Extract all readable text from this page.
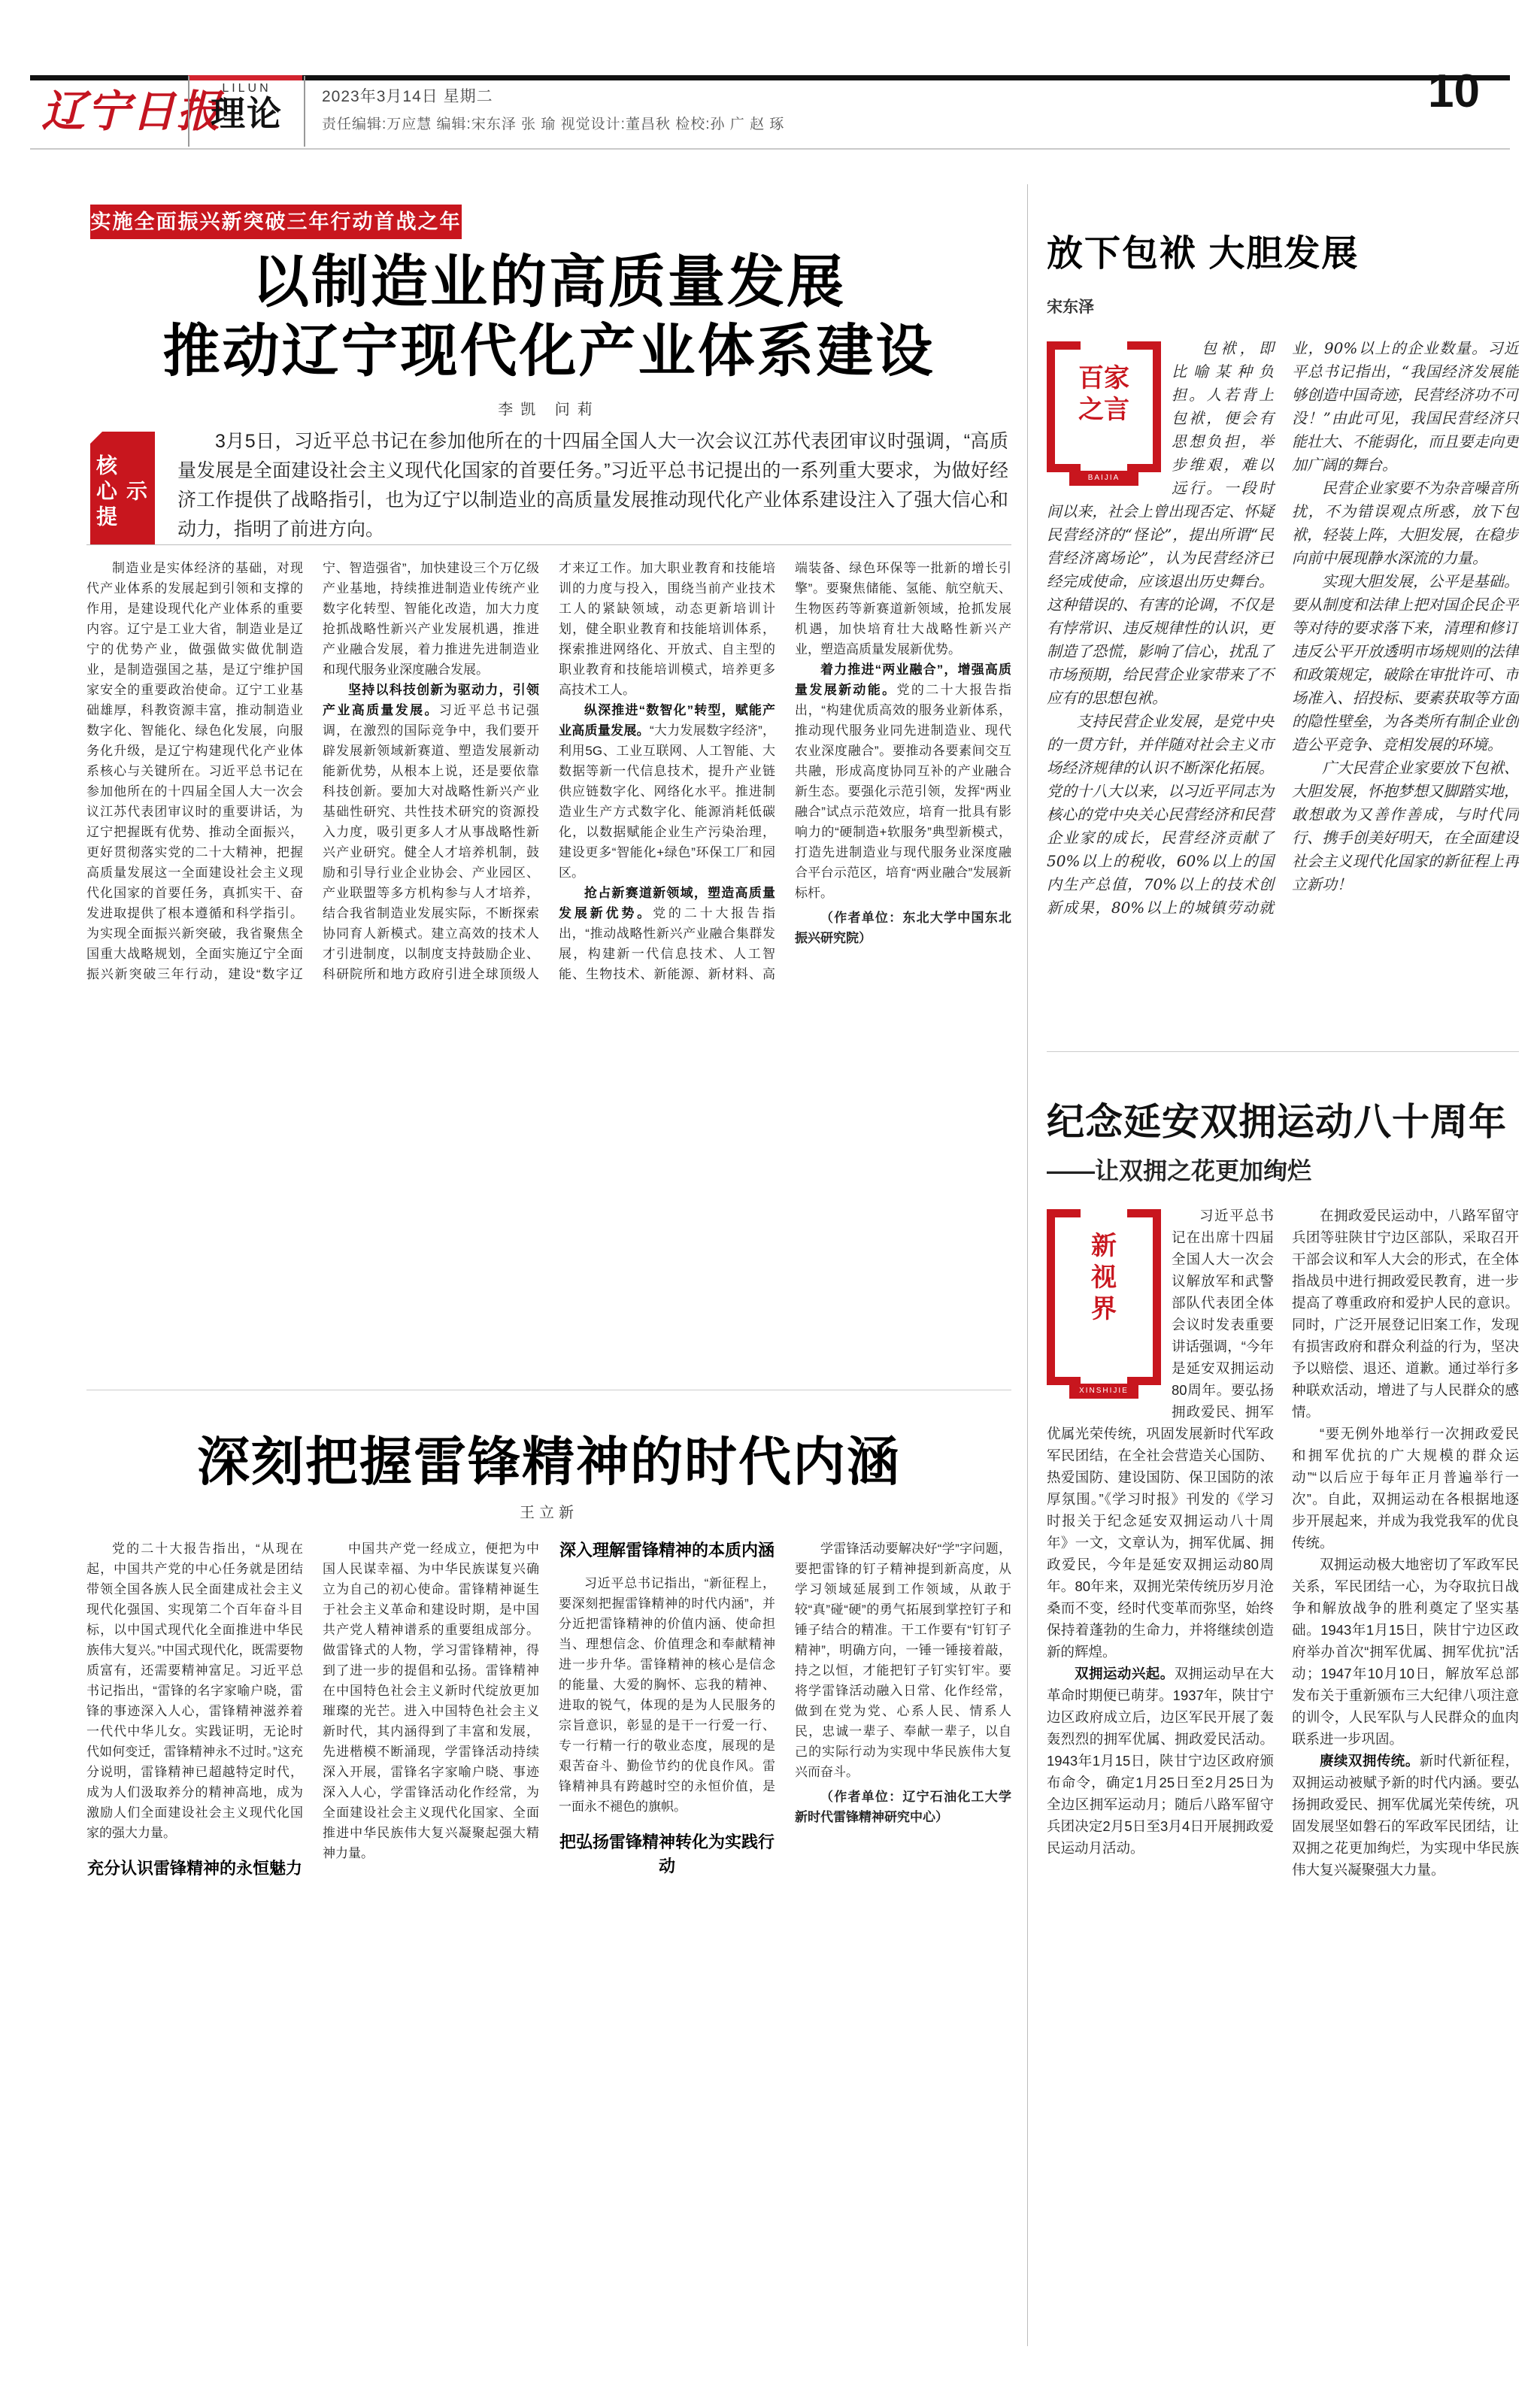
辽宁日报 LILUN
理论	2023年3月14日 星期二
责任编辑:万应慧 编辑:宋东泽 张 瑜 视觉设计:董昌秋 检校:孙 广 赵 琢
10
实施全面振兴新突破三年行动首战之年
以制造业的高质量发展
推动辽宁现代化产业体系建设
李凯 问莉
核心提示
3月5日，习近平总书记在参加他所在的十四届全国人大一次会议江苏代表团审议时强调，“高质量发展是全面建设社会主义现代化国家的首要任务。”习近平总书记提出的一系列重大要求，为做好经济工作提供了战略指引，也为辽宁以制造业的高质量发展推动现代化产业体系建设注入了强大信心和动力，指明了前进方向。

制造业是实体经济的基础，对现代产业体系的发展起到引领和支撑的作用，是建设现代化产业体系的重要内容。辽宁是工业大省，制造业是辽宁的优势产业，做强做实做优制造业，是制造强国之基，是辽宁维护国家安全的重要政治使命。辽宁工业基础雄厚，科教资源丰富，推动制造业数字化、智能化、绿色化发展，向服务化升级，是辽宁构建现代化产业体系核心与关键所在。习近平总书记在参加他所在的十四届全国人大一次会议江苏代表团审议时的重要讲话，为辽宁把握既有优势、推动全面振兴，更好贯彻落实党的二十大精神，把握高质量发展这一全面建设社会主义现代化国家的首要任务，真抓实干、奋发进取提供了根本遵循和科学指引。为实现全面振兴新突破，我省聚焦全国重大战略规划，全面实施辽宁全面振兴新突破三年行动，建设“数字辽宁、智造强省”，加快建设三个万亿级产业基地，持续推进制造业传统产业数字化转型、智能化改造，加大力度抢抓战略性新兴产业发展机遇，推进产业融合发展，着力推进先进制造业和现代服务业深度融合发展。

坚持以科技创新为驱动力，引领产业高质量发展。习近平总书记强调，在激烈的国际竞争中，我们要开辟发展新领域新赛道、塑造发展新动能新优势，从根本上说，还是要依靠科技创新。要加大对战略性新兴产业基础性研究、共性技术研究的资源投入力度，吸引更多人才从事战略性新兴产业研究。健全人才培养机制，鼓励和引导行业企业协会、产业园区、产业联盟等多方机构参与人才培养，结合我省制造业发展实际，不断探索协同育人新模式。建立高效的技术人才引进制度，以制度支持鼓励企业、科研院所和地方政府引进全球顶级人才来辽工作。加大职业教育和技能培训的力度与投入，围绕当前产业技术工人的紧缺领域，动态更新培训计划，健全职业教育和技能培训体系，探索推进网络化、开放式、自主型的职业教育和技能培训模式，培养更多高技术工人。

纵深推进“数智化”转型，赋能产业高质量发展。“大力发展数字经济”，利用5G、工业互联网、人工智能、大数据等新一代信息技术，提升产业链供应链数字化、网络化水平。推进制造业生产方式数字化、能源消耗低碳化，以数据赋能企业生产污染治理，建设更多“智能化+绿色”环保工厂和园区。

抢占新赛道新领域，塑造高质量发展新优势。党的二十大报告指出，“推动战略性新兴产业融合集群发展，构建新一代信息技术、人工智能、生物技术、新能源、新材料、高端装备、绿色环保等一批新的增长引擎”。要聚焦储能、氢能、航空航天、生物医药等新赛道新领域，抢抓发展机遇，加快培育壮大战略性新兴产业，塑造高质量发展新优势。

着力推进“两业融合”，增强高质量发展新动能。党的二十大报告指出，“构建优质高效的服务业新体系，推动现代服务业同先进制造业、现代农业深度融合”。要推动各要素间交互共融，形成高度协同互补的产业融合新生态。要强化示范引领，发挥“两业融合”试点示范效应，培育一批具有影响力的“硬制造+软服务”典型新模式，打造先进制造业与现代服务业深度融合平台示范区，培育“两业融合”发展新标杆。

（作者单位：东北大学中国东北振兴研究院）

深刻把握雷锋精神的时代内涵
王立新

党的二十大报告指出，“从现在起，中国共产党的中心任务就是团结带领全国各族人民全面建成社会主义现代化强国、实现第二个百年奋斗目标，以中国式现代化全面推进中华民族伟大复兴。”中国式现代化，既需要物质富有，还需要精神富足。习近平总书记指出，“雷锋的名字家喻户晓，雷锋的事迹深入人心，雷锋精神滋养着一代代中华儿女。实践证明，无论时代如何变迁，雷锋精神永不过时。”这充分说明，雷锋精神已超越特定时代，成为人们汲取养分的精神高地，成为激励人们全面建设社会主义现代化国家的强大力量。

充分认识雷锋精神的永恒魅力

中国共产党一经成立，便把为中国人民谋幸福、为中华民族谋复兴确立为自己的初心使命。雷锋精神诞生于社会主义革命和建设时期，是中国共产党人精神谱系的重要组成部分。做雷锋式的人物，学习雷锋精神，得到了进一步的提倡和弘扬。雷锋精神在中国特色社会主义新时代绽放更加璀璨的光芒。进入中国特色社会主义新时代，其内涵得到了丰富和发展，先进楷模不断涌现，学雷锋活动持续深入开展，雷锋名字家喻户晓、事迹深入人心，学雷锋活动化作经常，为全面建设社会主义现代化国家、全面推进中华民族伟大复兴凝聚起强大精神力量。

深入理解雷锋精神的本质内涵

习近平总书记指出，“新征程上，要深刻把握雷锋精神的时代内涵”，并分近把雷锋精神的价值内涵、使命担当、理想信念、价值理念和奉献精神进一步升华。雷锋精神的核心是信念的能量、大爱的胸怀、忘我的精神、进取的锐气，体现的是为人民服务的宗旨意识，彰显的是干一行爱一行、专一行精一行的敬业态度，展现的是艰苦奋斗、勤俭节约的优良作风。雷锋精神具有跨越时空的永恒价值，是一面永不褪色的旗帜。

把弘扬雷锋精神转化为实践行动

学雷锋活动要解决好“学”字问题，要把雷锋的钉子精神提到新高度，从学习领域延展到工作领域，从敢于较“真”碰“硬”的勇气拓展到掌控钉子和锤子结合的精准。干工作要有“钉钉子精神”，明确方向，一锤一锤接着敲，持之以恒，才能把钉子钉实钉牢。要将学雷锋活动融入日常、化作经常，做到在党为党、心系人民、情系人民，忠诚一辈子、奉献一辈子，以自己的实际行动为实现中华民族伟大复兴而奋斗。

（作者单位：辽宁石油化工大学新时代雷锋精神研究中心）

放下包袱 大胆发展
宋东泽
百家
之言
BAIJIA

包袱，即比喻某种负担。人若背上包袱，便会有思想负担，举步维艰，难以远行。一段时间以来，社会上曾出现否定、怀疑民营经济的“怪论”，提出所谓“民营经济离场论”，认为民营经济已经完成使命，应该退出历史舞台。这种错误的、有害的论调，不仅是有悖常识、违反规律性的认识，更制造了恐慌，影响了信心，扰乱了市场预期，给民营企业家带来了不应有的思想包袱。

支持民营企业发展，是党中央的一贯方针，并伴随对社会主义市场经济规律的认识不断深化拓展。党的十八大以来，以习近平同志为核心的党中央关心民营经济和民营企业家的成长，民营经济贡献了50%以上的税收，60%以上的国内生产总值，70%以上的技术创新成果，80%以上的城镇劳动就业，90%以上的企业数量。习近平总书记指出，“我国经济发展能够创造中国奇迹，民营经济功不可没！”由此可见，我国民营经济只能壮大、不能弱化，而且要走向更加广阔的舞台。

民营企业家要不为杂音噪音所扰，不为错误观点所惑，放下包袱，轻装上阵，大胆发展，在稳步向前中展现静水深流的力量。

实现大胆发展，公平是基础。要从制度和法律上把对国企民企平等对待的要求落下来，清理和修订违反公平开放透明市场规则的法律和政策规定，破除在审批许可、市场准入、招投标、要素获取等方面的隐性壁垒，为各类所有制企业创造公平竞争、竞相发展的环境。

广大民营企业家要放下包袱、大胆发展，怀抱梦想又脚踏实地，敢想敢为又善作善成，与时代同行、携手创美好明天，在全面建设社会主义现代化国家的新征程上再立新功！

纪念延安双拥运动八十周年
——让双拥之花更加绚烂
新
视
界
XINSHIJIE

习近平总书记在出席十四届全国人大一次会议解放军和武警部队代表团全体会议时发表重要讲话强调，“今年是延安双拥运动80周年。要弘扬拥政爱民、拥军优属光荣传统，巩固发展新时代军政军民团结，在全社会营造关心国防、热爱国防、建设国防、保卫国防的浓厚氛围。”《学习时报》刊发的《学习时报关于纪念延安双拥运动八十周年》一文，文章认为，拥军优属、拥政爱民，今年是延安双拥运动80周年。80年来，双拥光荣传统历岁月沧桑而不变，经时代变革而弥坚，始终保持着蓬勃的生命力，并将继续创造新的辉煌。

双拥运动兴起。双拥运动早在大革命时期便已萌芽。1937年，陕甘宁边区政府成立后，边区军民开展了轰轰烈烈的拥军优属、拥政爱民活动。1943年1月15日，陕甘宁边区政府颁布命令，确定1月25日至2月25日为全边区拥军运动月；随后八路军留守兵团决定2月5日至3月4日开展拥政爱民运动月活动。

在拥政爱民运动中，八路军留守兵团等驻陕甘宁边区部队，采取召开干部会议和军人大会的形式，在全体指战员中进行拥政爱民教育，进一步提高了尊重政府和爱护人民的意识。同时，广泛开展登记旧案工作，发现有损害政府和群众利益的行为，坚决予以赔偿、退还、道歉。通过举行多种联欢活动，增进了与人民群众的感情。

“要无例外地举行一次拥政爱民和拥军优抗的广大规模的群众运动”“以后应于每年正月普遍举行一次”。自此，双拥运动在各根据地逐步开展起来，并成为我党我军的优良传统。

双拥运动极大地密切了军政军民关系，军民团结一心，为夺取抗日战争和解放战争的胜利奠定了坚实基础。1943年1月15日，陕甘宁边区政府举办首次“拥军优属、拥军优抗”活动；1947年10月10日，解放军总部发布关于重新颁布三大纪律八项注意的训令，人民军队与人民群众的血肉联系进一步巩固。

赓续双拥传统。新时代新征程，双拥运动被赋予新的时代内涵。要弘扬拥政爱民、拥军优属光荣传统，巩固发展坚如磐石的军政军民团结，让双拥之花更加绚烂，为实现中华民族伟大复兴凝聚强大力量。
